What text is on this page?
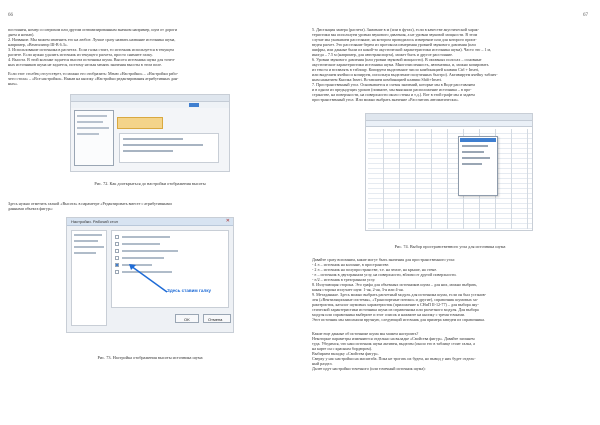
66
постоянен, номер со штрихом или другим оптимизированным значком например, шум от дороги
днем и ночью).
2. Название. Мы можем изменить его на любое. Лучше сразу назвать название источника шума,
например, «Вентилятор Ш-В 6.3».
3. Использование источника в расчетах. Если галка стоит, то источник используется в текущем
расчете. Если нужно удалить источник из текущего расчета, просто снимите галку.
4. Высота. В этой колонке задается высота источника шума. Высота источника шума для точеч-
ных источников шума не задается, поэтому нельзя менять значения высоты в этом поле.
Если этот столбец отсутствует, то можно его отобразить: Меню «Настройки» – «Настройки рабо-
чего стола» – «Все настройки». Нажав на кнопку «Настройки редактирования атрибутивных дан-
ных».
Рис. 72. Как дооткрыться до настройки отображения высоты
Здесь нужно отметить галкой «Высота» в параметре «Редактировать вместе с атрибутивными
данными объекта фигур»:
Настройки. Рабочий стол	✕
Здесь ставим галку
OK	Отмена
Рис. 73. Настройка отображения высоты источника шума
67
5. Дистанция замера (расчета). Значение в м (или в футах), если в качестве акустической харак-
теристики мы используем уровни звукового давления, а не уровни звуковой мощности. В этом
случае мы указываем расстояние, на котором проводилось измерение или для которого произ-
веден расчет. Это расстояние берем из протокола измерения уровней звукового давления (или
шифры, или данные были из какой-то акустической характеристики источника шума). Часто это – 1 м,
иногда – 7.5 м (например, для автотранспорта), может быть и другое расстояние.
6. Уровни звукового давления (или уровни звуковой мощности). В октавных полосах – основные
акустические характеристики источника шума. Многочисленность, автоматика, и, можно копировать
из текста и вставлять в таблицу. Копируем выделенное число комбинацией клавиш Ctrl + Insert,
или выделяем ячейки и копируем, используя выделение полученных быстро). Активируем ячейку таблич-
ным нажатием Кнопка Insert. Вставляем комбинацией клавиш Shift+Insert.
7. Пространственный угол. Основывается и схемы значений, которые мы в Виде расставляем
и в одном из предыдущих уроков (помните, мы выясняли расположение источника – в про-
странстве, на поверхности, на поверхности около стены и т.д.). Вот в этой графе мы и задаем
пространственный угол. Или можно выбрать значение «Рассчитать автоматически».
Рис. 74. Выбор пространственного угла для источника шума
Давайте сразу вспомним, какие могут быть значения для пространственного угла:
- 4 π – источник на колонне, в пространстве.
- 2 π – источник на полупространстве, т.е. на земле, на крыше, на стене.
- π – источник в двухгранном углу, на поверхности, вблизи от другой поверхности.
- π/2 – источник в трехгранном углу.
8. Излучающая сторона. Это графа для объемных источников шума – для них, можно выбрать,
какая сторона излучает шум: 1-ая, 2-ая, 3-я или 4-ая.
9. Метаданные. Здесь можно выбрать расчетный модуль для источника шума, если он был установ-
лен («Вентиляционные системы», «Транспортные потоки» и другие), справочник шумовых ха-
рактеристик, каталог шумовых характеристик (приложение к СНиП II-12-77) – для выбора аку-
стической характеристики источника шума из справочника или расчетного модуля. Для выбора
модуля или справочника выберите и этот список и нажмите на кнопку с тремя точками.
Этот источник мы заполнили вручную, следующий источник для примера заведем из справочника.
Какие еще данные об источнике шума мы можем настроить?
Некоторые параметры изменяются отдельно на вкладке «Свойства фигур». Давайте заглянем
туда. Убедимся, что наш источник шума активен, выделен (около его в таблице стоит галка, а
на карте он с красным бордюром).
Выбираем вкладку «Свойства фигур».
Сверху у нас настройки на масштаба. Пока не трогать их будем, но вывод у них будет отдель-
ный раздел.
Далее идут настройки точечного (или точечный источник шума):
